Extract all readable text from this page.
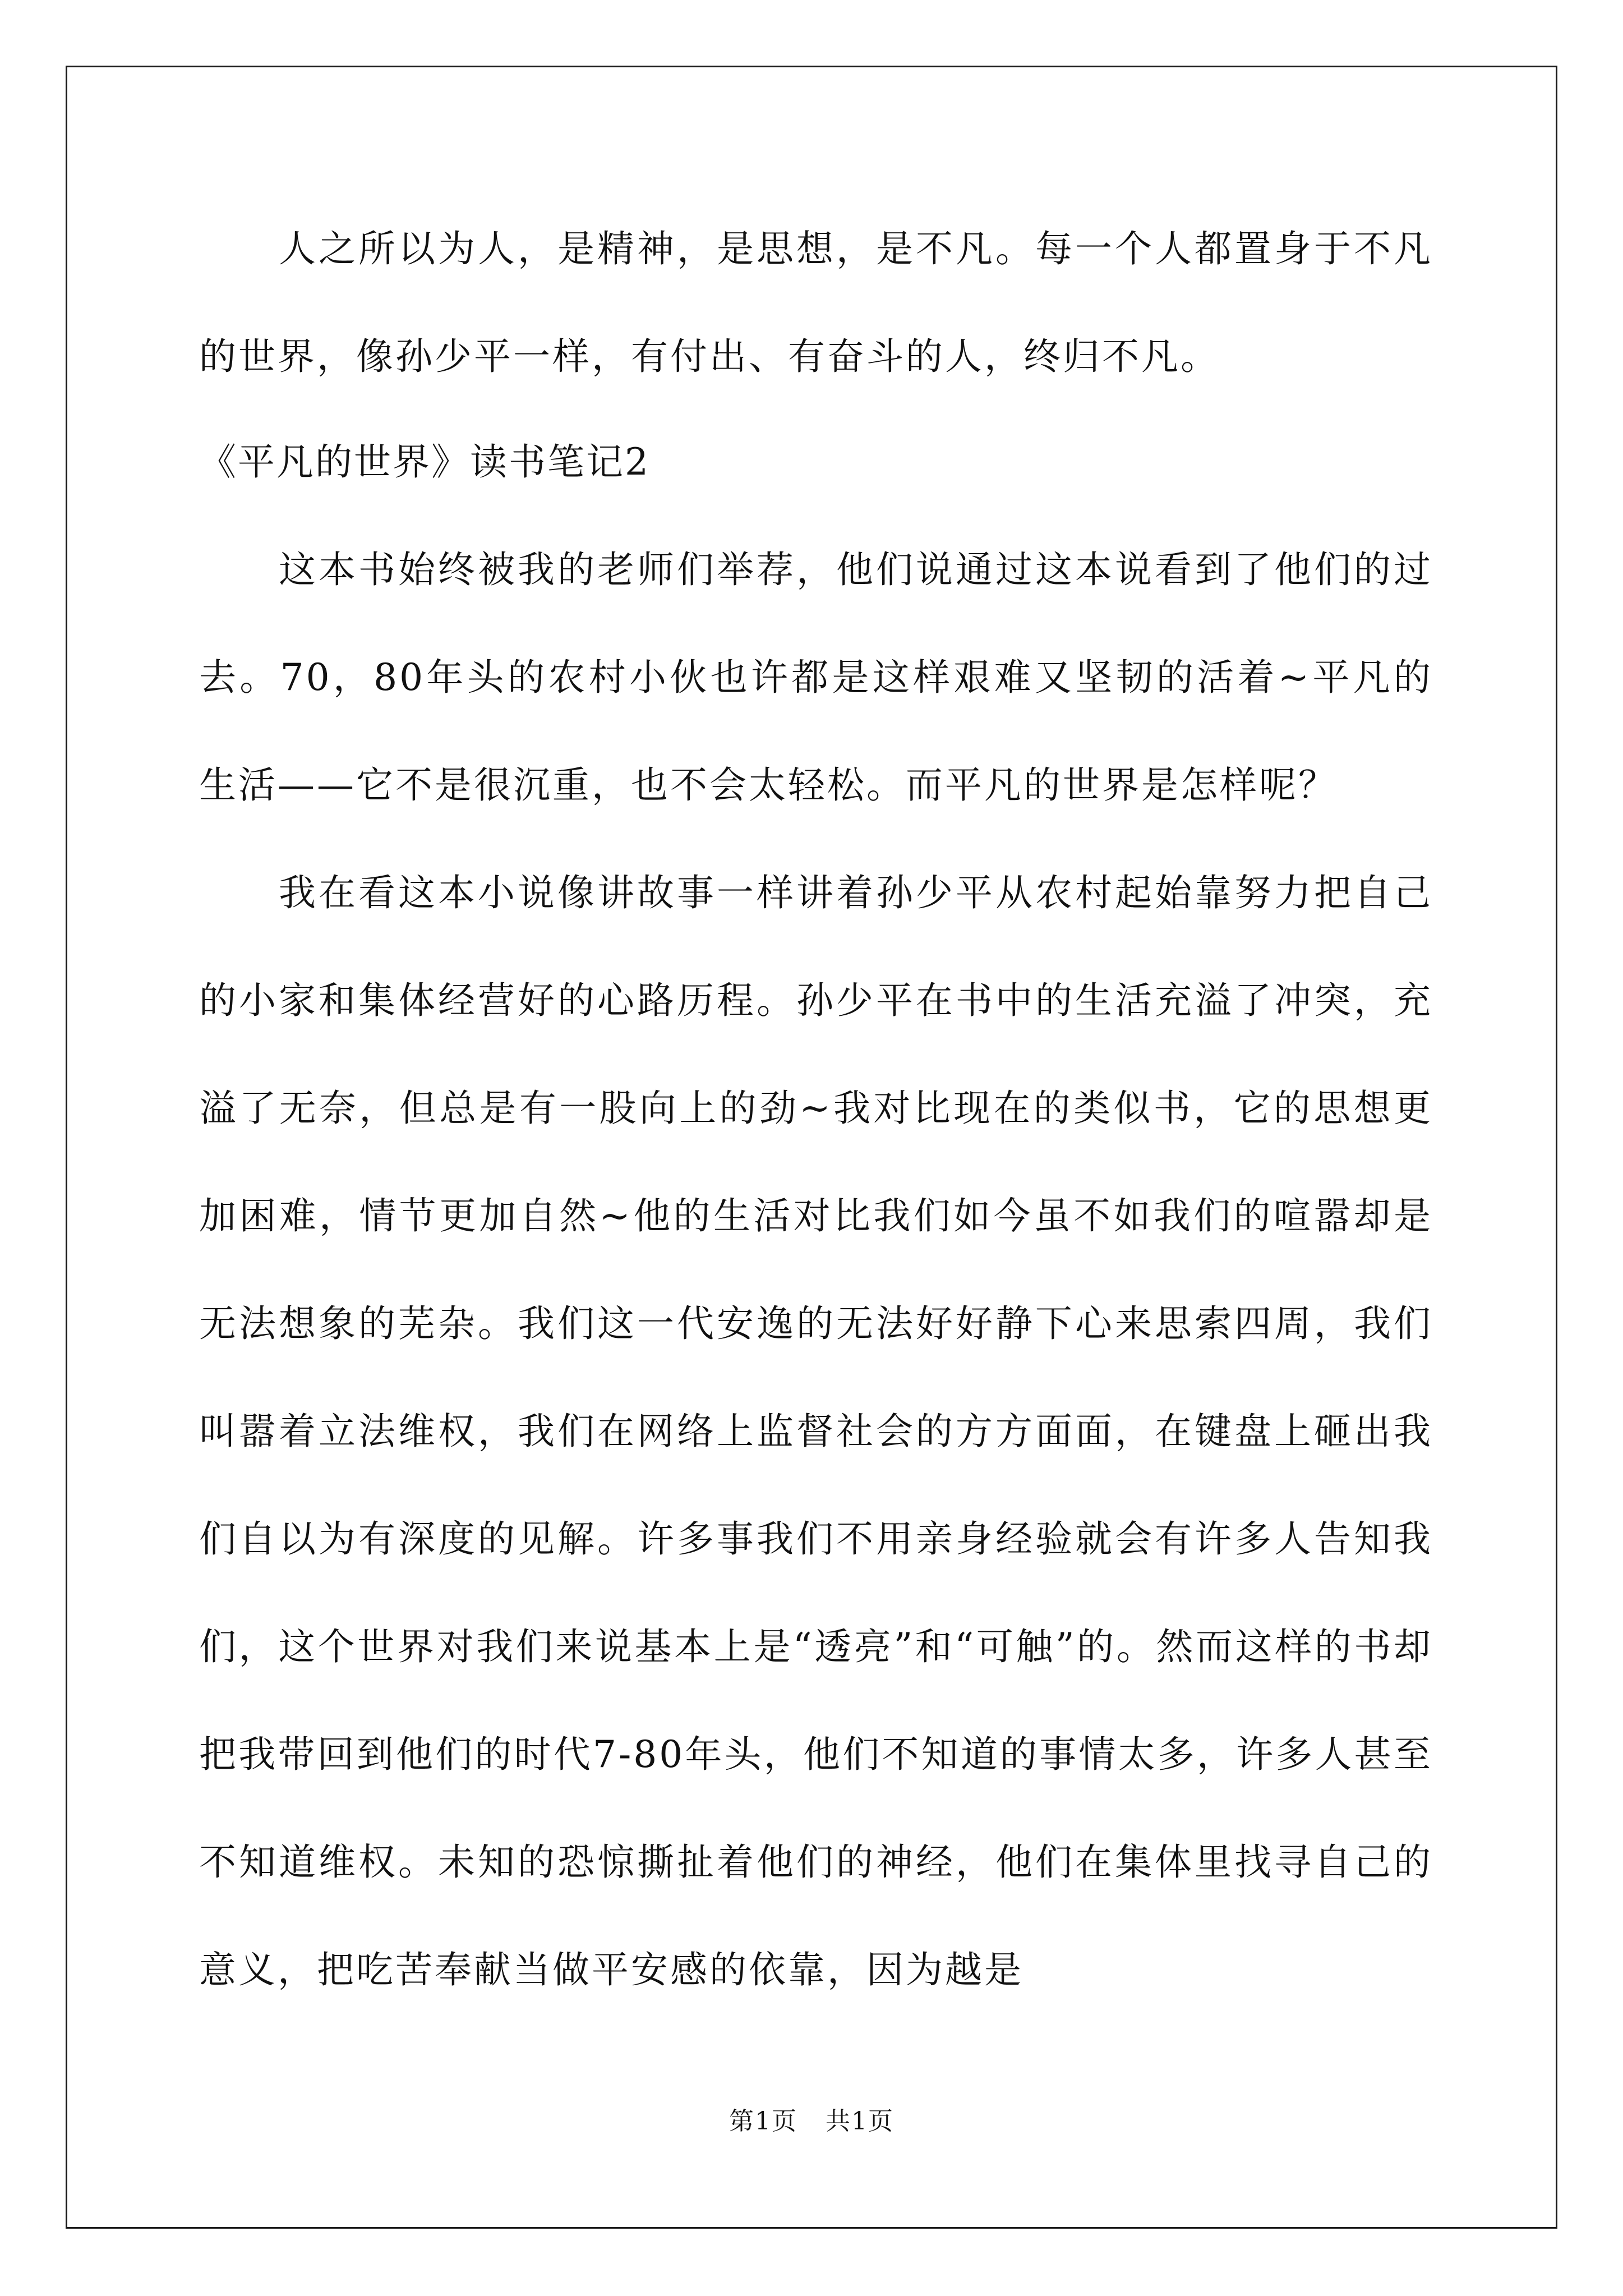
人之所以为人，是精神，是思想，是不凡。每一个人都置身于不凡的世界，像孙少平一样，有付出、有奋斗的人，终归不凡。

《平凡的世界》读书笔记2

这本书始终被我的老师们举荐，他们说通过这本说看到了他们的过去。70，80年头的农村小伙也许都是这样艰难又坚韧的活着~平凡的生活——它不是很沉重，也不会太轻松。而平凡的世界是怎样呢？

我在看这本小说像讲故事一样讲着孙少平从农村起始靠努力把自己的小家和集体经营好的心路历程。孙少平在书中的生活充溢了冲突，充溢了无奈，但总是有一股向上的劲~我对比现在的类似书，它的思想更加困难，情节更加自然~他的生活对比我们如今虽不如我们的喧嚣却是无法想象的芜杂。我们这一代安逸的无法好好静下心来思索四周，我们叫嚣着立法维权，我们在网络上监督社会的方方面面，在键盘上砸出我们自以为有深度的见解。许多事我们不用亲身经验就会有许多人告知我们，这个世界对我们来说基本上是“透亮”和“可触”的。然而这样的书却把我带回到他们的时代7-80年头，他们不知道的事情太多，许多人甚至不知道维权。未知的恐惊撕扯着他们的神经，他们在集体里找寻自己的意义，把吃苦奉献当做平安感的依靠，因为越是

第1页 共1页
